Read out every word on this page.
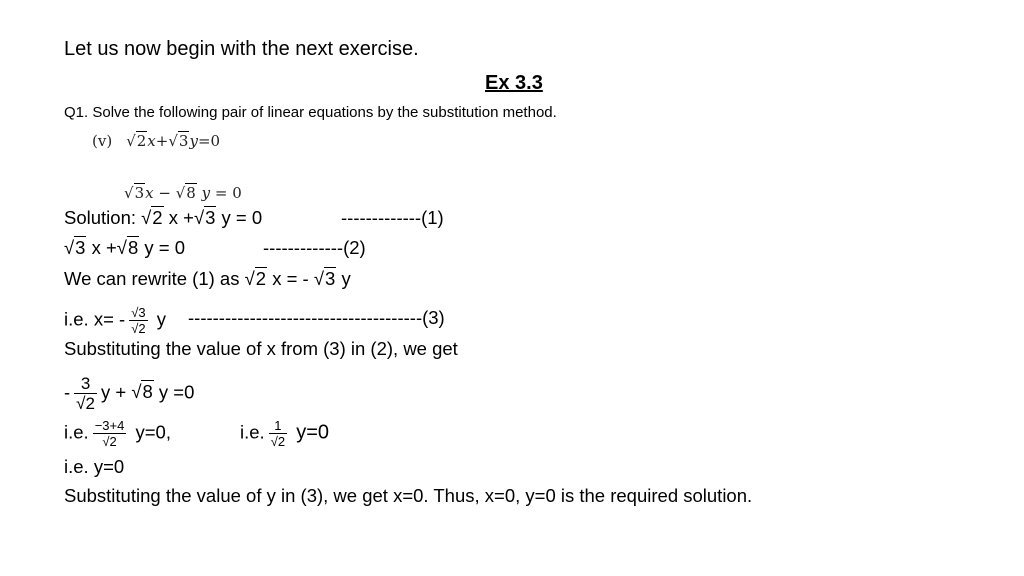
Let us now begin with the next exercise.
Ex 3.3
Q1. Solve the following pair of linear equations by the substitution method.
(v) √2x+√3y=0
√3x − √8 y = 0
Solution: √2 x +√3 y = 0	-------------(1)
√3 x +√8 y = 0	-------------(2)
We can rewrite (1) as √2 x = - √3 y
i.e. $x= - \frac{√3}{√2}$ y --------------------------------------(3)
Substituting the value of x from (3) in (2), we get
- $\frac{3}{√2}$ y + √8 y =0
i.e. $\frac{-3+4}{√2} y=0$,	i.e. $\frac{1}{√2} y=0$
i.e. y=0
Substituting the value of y in (3), we get x=0. Thus, x=0, y=0 is the required solution.
